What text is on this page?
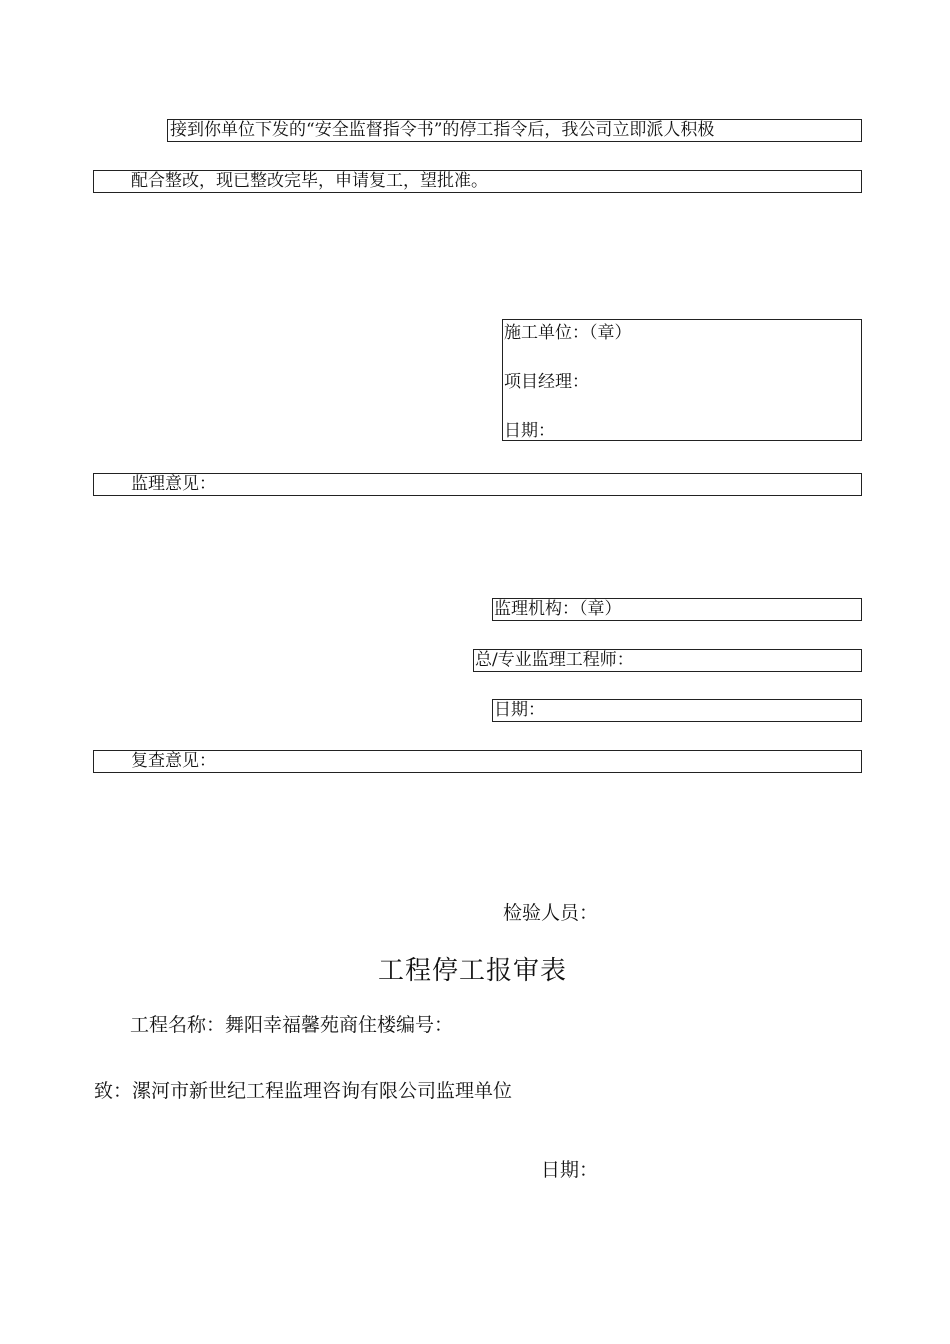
接到你单位下发的“安全监督指令书”的停工指令后，我公司立即派人积极
配合整改，现已整改完毕，申请复工，望批准。
施工单位：（章）
项目经理：
日期：
监理意见：
监理机构：（章）
总/专业监理工程师：
日期：
复查意见：
检验人员：
工程停工报审表
工程名称：舞阳幸福馨苑商住楼编号：
致：漯河市新世纪工程监理咨询有限公司监理单位
日期：
